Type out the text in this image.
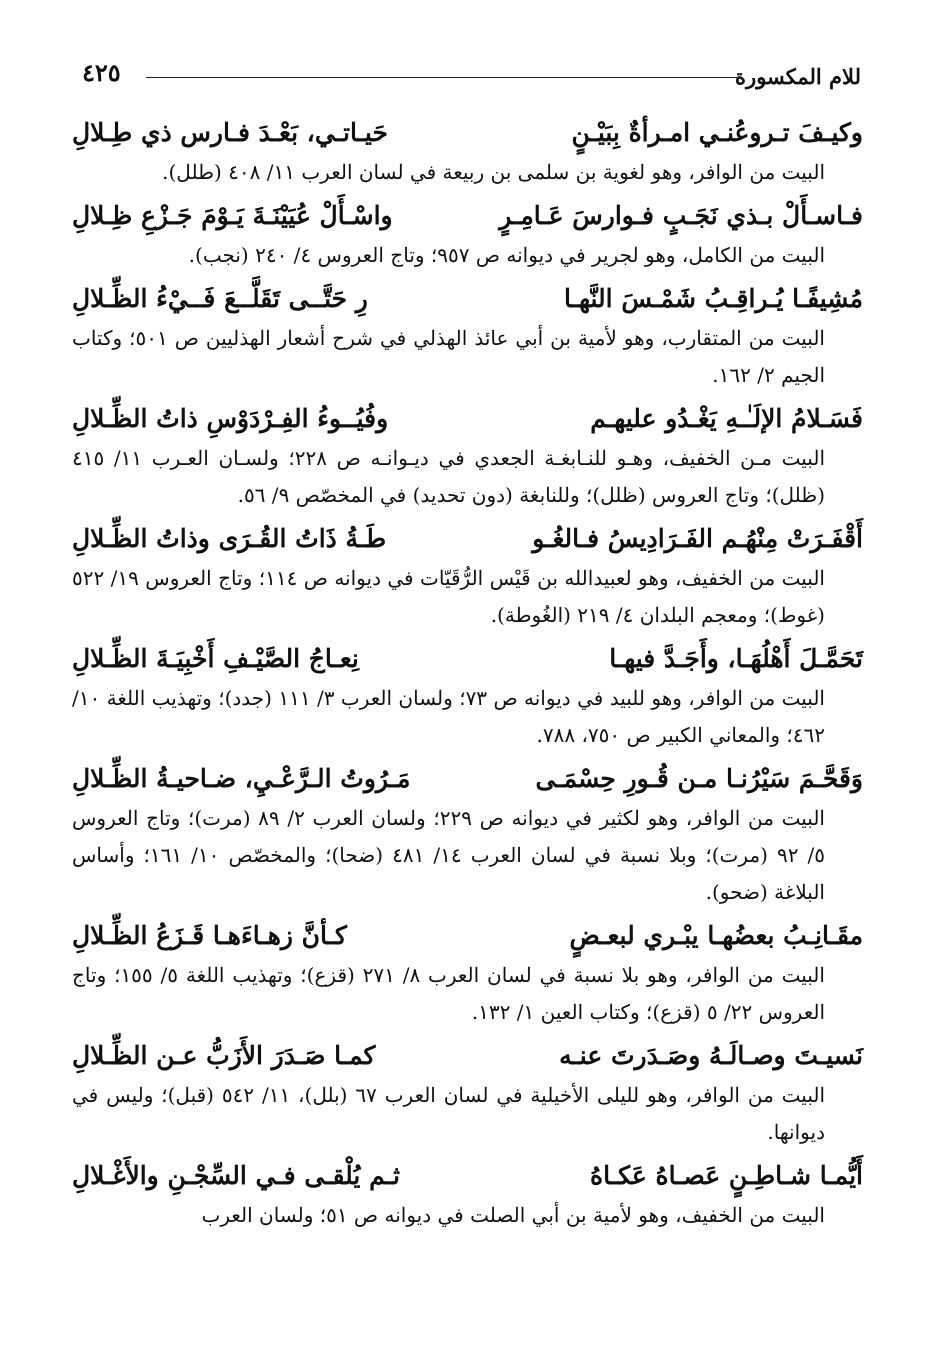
للام المكسورة
٤٢٥
وكيـفَ تـروعُنـي امـرأةٌ بِبَيْـنٍ
حَيـاتـي، بَعْـدَ فـارس ذي طِـلالِ
البيت من الوافر، وهو لغوية بن سلمى بن ربيعة في لسان العرب ١١/ ٤٠٨ (طلل).
فـاسـأَلْ بـذي نَجَـبٍ فـوارسَ عَـامِـرٍ
واسْـأَلْ عُيَيْنَـةَ يَـوْمَ جَـزْعِ ظِـلالِ
البيت من الكامل، وهو لجرير في ديوانه ص ٩٥٧؛ وتاج العروس ٤/ ٢٤٠ (نجب).
مُشِيفًـا يُـراقِـبُ شَمْـسَ النَّهـا
رِ حَتَّــى تَقَلَّــعَ فَــيْءُ الظِّـلالِ
البيت من المتقارب، وهو لأمية بن أبي عائذ الهذلي في شرح أشعار الهذليين ص ٥٠١؛ وكتاب الجيم ٢/ ١٦٢.
فَسَـلامُ الإلَـٰـهِ يَغْـدُو عليهـم
وفُيُــوءُ الفِـرْدَوْسِ ذاتُ الظِّـلالِ
البيت مـن الخفيف، وهـو للنـابغـة الجعدي في ديـوانـه ص ٢٢٨؛ ولسـان العـرب ١١/ ٤١٥ (ظلل)؛ وتاج العروس (ظلل)؛ وللنابغة (دون تحديد) في المخصّص ٩/ ٥٦.
أَقْفَـرَتْ مِنْهُـم الفَـرَادِيسُ فـالغُـو
طَـةُ ذَاتُ القُـرَى وذاتُ الظِّـلالِ
البيت من الخفيف، وهو لعبيدالله بن قَيْس الرُّقَيّات في ديوانه ص ١١٤؛ وتاج العروس ١٩/ ٥٢٢ (غوط)؛ ومعجم البلدان ٤/ ٢١٩ (الغُوطة).
تَحَمَّـلَ أَهْلُهَـا، وأَجَـدَّ فيهـا
نِعـاجُ الصَّيْـفِ أَخْبِيَـةَ الظِّـلالِ
البيت من الوافر، وهو للبيد في ديوانه ص ٧٣؛ ولسان العرب ٣/ ١١١ (جدد)؛ وتهذيب اللغة ١٠/ ٤٦٢؛ والمعاني الكبير ص ٧٥٠، ٧٨٨.
وَقَحَّـمَ سَيْرُنـا مـن قُـورِ حِسْمَـى
مَـرُوتُ الـرَّعْـيِ، ضـاحيـةُ الظِّـلالِ
البيت من الوافر، وهو لكثير في ديوانه ص ٢٢٩؛ ولسان العرب ٢/ ٨٩ (مرت)؛ وتاج العروس ٥/ ٩٢ (مرت)؛ وبلا نسبة في لسان العرب ١٤/ ٤٨١ (ضحا)؛ والمخصّص ١٠/ ١٦١؛ وأساس البلاغة (ضحو).
مقَـانِـبُ بعضُهـا يبْـري لبعـضٍ
كـأنَّ زهـاءَهـا قَـزَعُ الظِّـلالِ
البيت من الوافر، وهو بلا نسبة في لسان العرب ٨/ ٢٧١ (قزع)؛ وتهذيب اللغة ٥/ ١٥٥؛ وتاج العروس ٢٢/ ٥ (قزع)؛ وكتاب العين ١/ ١٣٢.
نَسيـتَ وصـالَـهُ وصَـدَرتَ عنـه
كمـا صَـدَرَ الأَزَبُّ عـن الظِّـلالِ
البيت من الوافر، وهو لليلى الأخيلية في لسان العرب ٦٧ (بلل)، ١١/ ٥٤٢ (قبل)؛ وليس في ديوانها.
أَيُّمـا شـاطِـنٍ عَصـاهُ عَكـاهُ
ثـم يُلْقـى فـي السِّجْـنِ والأَغْـلالِ
البيت من الخفيف، وهو لأمية بن أبي الصلت في ديوانه ص ٥١؛ ولسان العرب
